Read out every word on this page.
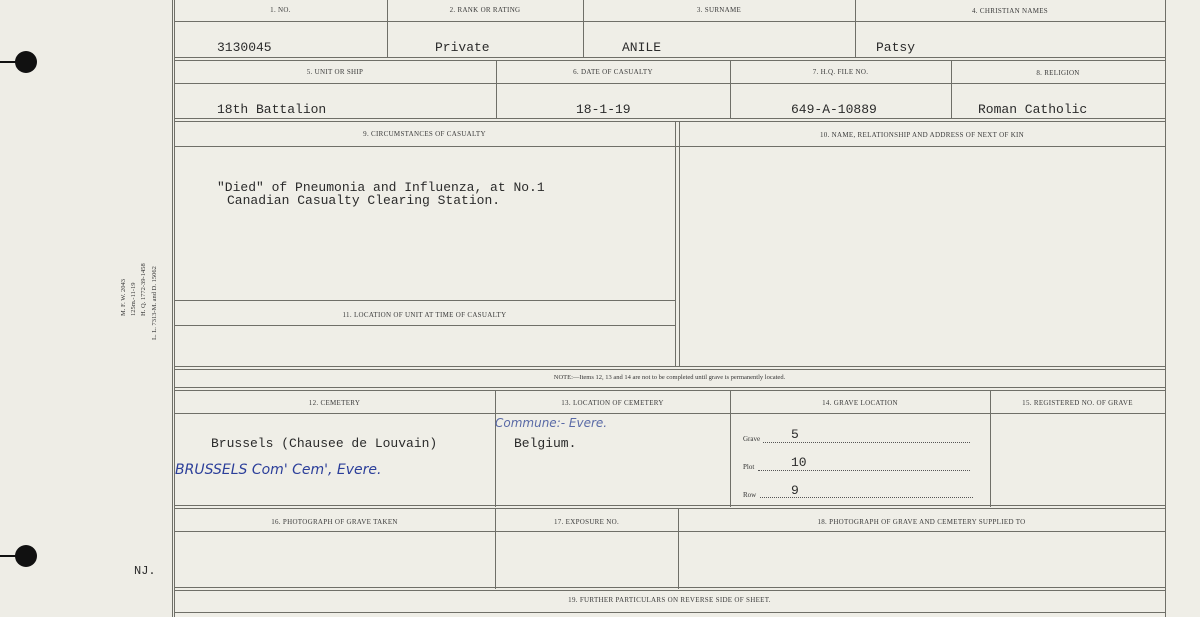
M. F. W. 2043 125m.-11-19 H. Q. 1772-39-1458 L. L. 7313-M. and D. 15062
NJ.
1. NO.	2. RANK OR RATING	3. SURNAME	4. CHRISTIAN NAMES
3130045	Private	ANILE	Patsy
5. UNIT OR SHIP	6. DATE OF CASUALTY	7. H.Q. FILE NO.	8. RELIGION
18th Battalion	18-1-19	649-A-10889	Roman Catholic
9. CIRCUMSTANCES OF CASUALTY	10. NAME, RELATIONSHIP AND ADDRESS OF NEXT OF KIN
"Died" of Pneumonia and Influenza, at No.1
Canadian Casualty Clearing Station.
11. LOCATION OF UNIT AT TIME OF CASUALTY
NOTE:—Items 12, 13 and 14 are not to be completed until grave is permanently located.
12. CEMETERY	13. LOCATION OF CEMETERY	14. GRAVE LOCATION	15. REGISTERED NO. OF GRAVE
Brussels (Chausee de Louvain)
BRUSSELS Com' Cem', Evere.
Commune:- Evere.
Belgium.	Grave 5
Plot	10
Row	9
16. PHOTOGRAPH OF GRAVE TAKEN	17. EXPOSURE NO.	18. PHOTOGRAPH OF GRAVE AND CEMETERY SUPPLIED TO
19. FURTHER PARTICULARS ON REVERSE SIDE OF SHEET.
